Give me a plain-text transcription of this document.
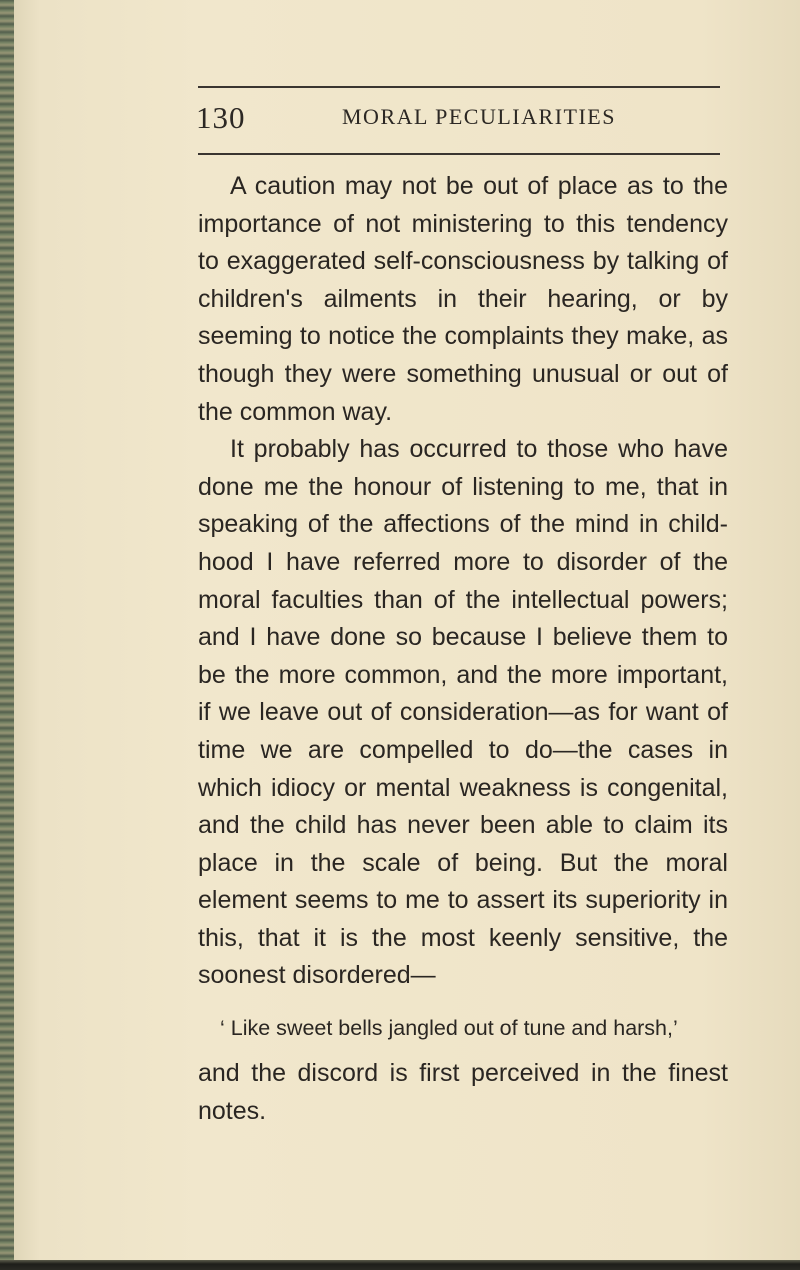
130	MORAL PECULIARITIES

A caution may not be out of place as to the importance of not ministering to this tendency to exaggerated self-consciousness by talking of children's ailments in their hearing, or by seeming to notice the complaints they make, as though they were something unusual or out of the common way.

It probably has occurred to those who have done me the honour of listening to me, that in speaking of the affections of the mind in child-hood I have referred more to disorder of the moral faculties than of the intellectual powers; and I have done so because I believe them to be the more common, and the more important, if we leave out of consideration—as for want of time we are compelled to do—the cases in which idiocy or mental weakness is congenital, and the child has never been able to claim its place in the scale of being. But the moral element seems to me to assert its superiority in this, that it is the most keenly sensitive, the soonest disordered—

‘ Like sweet bells jangled out of tune and harsh,’

and the discord is first perceived in the finest notes.
